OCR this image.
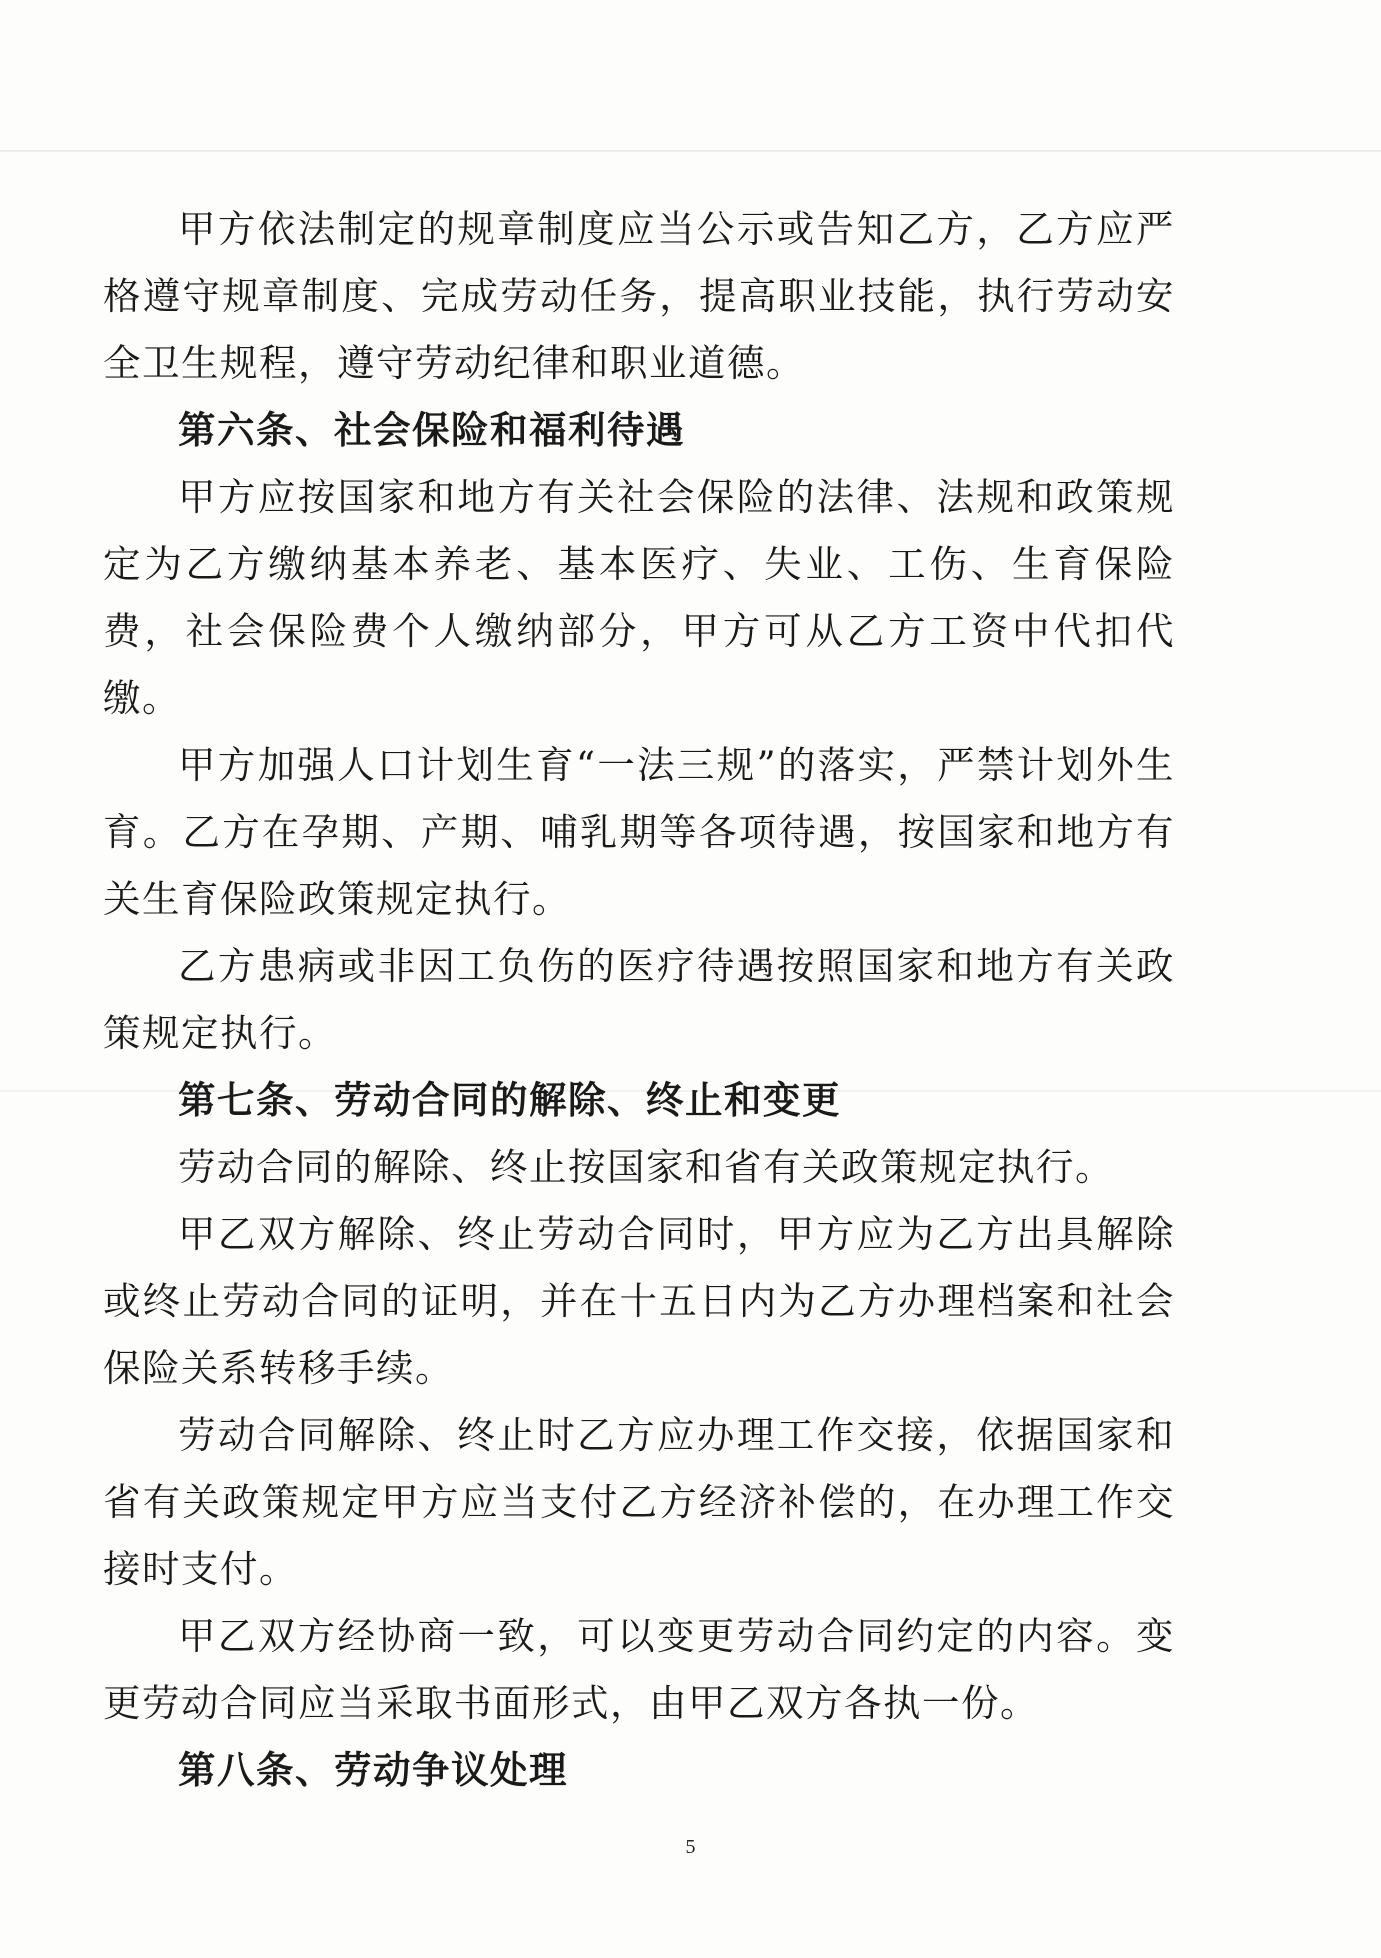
甲方依法制定的规章制度应当公示或告知乙方，乙方应严格遵守规章制度、完成劳动任务，提高职业技能，执行劳动安全卫生规程，遵守劳动纪律和职业道德。

第六条、社会保险和福利待遇

甲方应按国家和地方有关社会保险的法律、法规和政策规定为乙方缴纳基本养老、基本医疗、失业、工伤、生育保险费，社会保险费个人缴纳部分，甲方可从乙方工资中代扣代缴。

甲方加强人口计划生育“一法三规”的落实，严禁计划外生育。乙方在孕期、产期、哺乳期等各项待遇，按国家和地方有关生育保险政策规定执行。

乙方患病或非因工负伤的医疗待遇按照国家和地方有关政策规定执行。

第七条、劳动合同的解除、终止和变更

劳动合同的解除、终止按国家和省有关政策规定执行。

甲乙双方解除、终止劳动合同时，甲方应为乙方出具解除或终止劳动合同的证明，并在十五日内为乙方办理档案和社会保险关系转移手续。

劳动合同解除、终止时乙方应办理工作交接，依据国家和省有关政策规定甲方应当支付乙方经济补偿的，在办理工作交接时支付。

甲乙双方经协商一致，可以变更劳动合同约定的内容。变更劳动合同应当采取书面形式，由甲乙双方各执一份。

第八条、劳动争议处理

5
